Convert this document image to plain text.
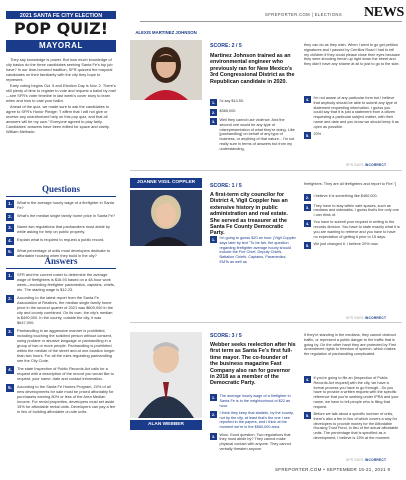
SFREPORTER.COM | ELECTIONS NEWS
2021 SANTA FE CITY ELECTION
POP QUIZ!
MAYORAL

They say knowledge is power. But how much knowledge of city basics do the three candidates seeking Santa Fe's top job have? In our time-honored tradition, SFR quizzed the mayoral candidates on their familiarity with the city they hope to represent.

Early voting begins Oct. 5 and Election Day is Nov. 2. There's still plenty of time to register to vote and request a ballot by mail—see SFR's voter timeline in last week's cover story to learn when and how to cast your ballot.

Ahead of the quiz, we made sure to ask the candidates to agree to SFR's Honor Pledge: "I affirm that I will not give or receive any unauthorized help on this pop quiz, and that all answers will be my own." Everyone agreed to play fairly. Candidates' answers have been edited for space and clarity. William Melhado

Questions
1.	What is the average hourly wage of a firefighter in Santa Fe?
2.	What's the median single family home price in Santa Fe?
3.	Name two regulations that panhandlers must abide by while asking for help on public property.
4.	Explain what is required to request a public record.
5.	What percentage of units must developers dedicate to affordable housing when they build in the city?
Answers
1.	SFR and the current roster to determine the average wage of firefighters is $16.93 based on a 48-hour work week—excluding firefighter paramedics, captains, chiefs, etc. The starting wage is $12.23.
2.	According to the latest report from the Santa Fe Association of Realtors, the median single family home price in the second quarter of 2021 was $600,000 in the city and county combined. On its own, the city's median is $490,000. In the county, outside the city, it was $647,000.
3.	Panhandling in an aggressive manner is prohibited, including touching the solicited person without consent, using profane or abusive language or panhandling in a group of two or more people. Panhandling is prohibited within the median of the street and at one location longer than two hours. For all the rules regulating panhandling see the City Code.
4.	The state Inspection of Public Records Act calls for a request with a description of the record you would like to request, your name, date and contact information.
5.	According to the Santa Fe Homes Program, 20% of all new developments for sale must be priced affordably for purchasers earning 80% or less of the Area Median Income. For rental properties, developers must set aside 15% for affordable rental units. Developers can pay a fee in lieu of building affordable on-site units.
ALEXIS MARTINEZ JOHNSON
SCORE: 2 / 5
Martinez Johnson trained as an environmental engineer who previously ran for New Mexico's 3rd Congressional District as the Republican candidate in 2020.
1.	I'd say $14.50.
2.	$365,000.
3.	Well they cannot use violence. And the second one would be any type of misrepresentation of what they're doing. Like [panhandling] on behalf of any type of business, or anything of that nature... I'm not really sure in terms of answers but from my understanding,
they can do as they wish. When I went to go get petition signatures and I passed by Cerrillos Road I had to tell my children if they could please close their eyes because they were shooting heroin up right down the street and they didn't have any shame at all to just to go to the side.
4.	I'm not aware of any particular form but I believe that anybody should be able to submit any type of statement requesting information. I guess you could say that it is just a statement from a citizen requesting a particular subject matter, with their name and date and you know we should keep it as open as possible.
5.	20%
SFR SAYS INCORRECT
JOANNE VIGIL COPPLER
SCORE: 1 / 5
A first-term city councilor for District 4, Vigil Coppler has an extensive history in public administration and real estate. She served as treasurer at the Santa Fe County Democratic Party.
1.	I'm going to guess $20 an hour. [Vigil Coppler says later by text "To be fair, the question regarding firefighter average hourly should include the Fire Chief, Deputy Chiefs, Battalion Chiefs, Captains, Paramedics, EMTs as well as
firefighters. They are all firefighters and report to Fire."]
2.	I believe it is something like $460,000.
3.	They have to stay within safe spaces, such as medians and sidewalks. I guess that's the only one I can think of.
4.	You have to submit your request in writing to the records division. You have to state exactly what it is you are wanting to retrieve and you have to have no expectation of getting it prior to 15 days.
5.	We just changed it. I believe 20% now.
SFR SAYS INCORRECT
ALAN WEBBER
SCORE: 3 / 5
Webber seeks reelection after his first term as Santa Fe's first full-time mayor. The co-founder of the business magazine Fast Company also ran for governor in 2018 as a member of the Democratic Party.
1.	The average hourly wage of a firefighter in Santa Fe is in the neighborhood of $22 an hour.
2.	I think they keep that statistic, by the county, not by the city, at least that's the one I see reported in the papers, and I think at the moment we're in the $560,000 area.
3.	Wow. Good question. Two regulations that they must abide by? They cannot make physical contact with anyone. They cannot verbally threaten anyone.
If they're standing in the medians, they cannot obstruct traffic, or represent a public danger to the traffic that is going by. On the other hand they are protected by First Amendment rights to freedom of speech, which makes the regulation of panhandling complicated.
4.	If you're going to file an [Inspection of Public Records Act request] with the city, we have a formal process you have to go through...So you have to provide a written request with the specific reference that you're seeking under IPRA and your name, we have to tell people who is filing that request.
5.	Before we talk about a specific number of units, there's also a fee in lieu of which covers a way for developers to provide money for the Affordable Housing Trust Fund, in lieu of the actual affordable units. The percentage that is specified as a development, I believe is 15% at the moment.
SFR SAYS INCORRECT
SFREPORTER.COM • SEPTEMBER 15-21, 2021 9
